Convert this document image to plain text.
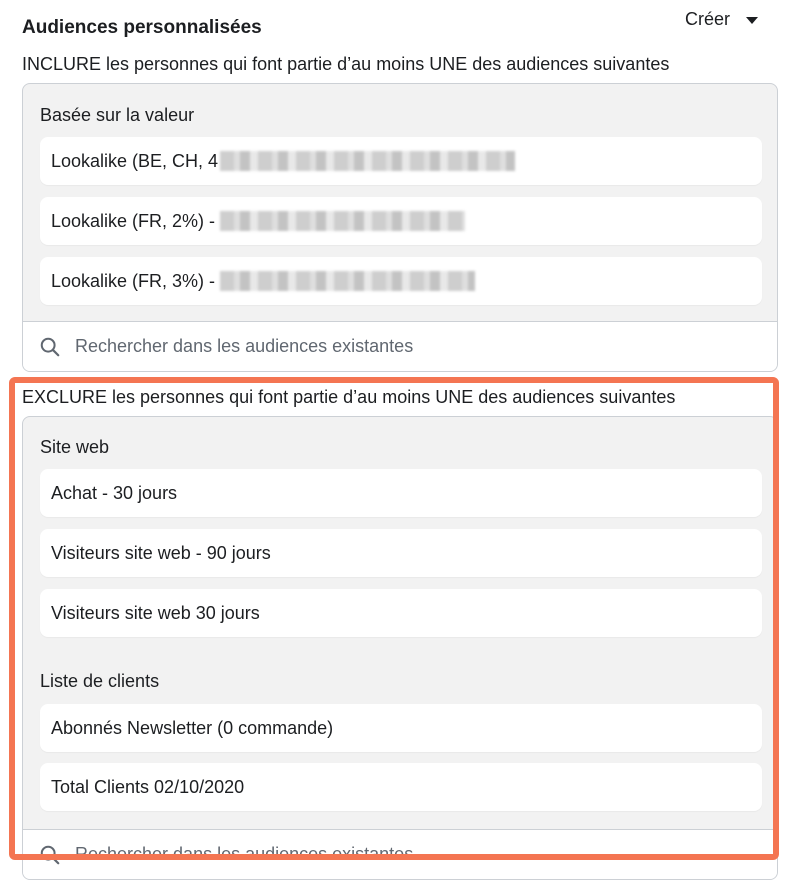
Audiences personnalisées	Créer
INCLURE les personnes qui font partie d’au moins UNE des audiences suivantes
Basée sur la valeur
Lookalike (BE, CH, 4
Lookalike (FR, 2%) -
Lookalike (FR, 3%) -
Rechercher dans les audiences existantes
EXCLURE les personnes qui font partie d’au moins UNE des audiences suivantes
Site web
Achat - 30 jours
Visiteurs site web - 90 jours
Visiteurs site web 30 jours
Liste de clients
Abonnés Newsletter (0 commande)
Total Clients 02/10/2020
Rechercher dans les audiences existantes
